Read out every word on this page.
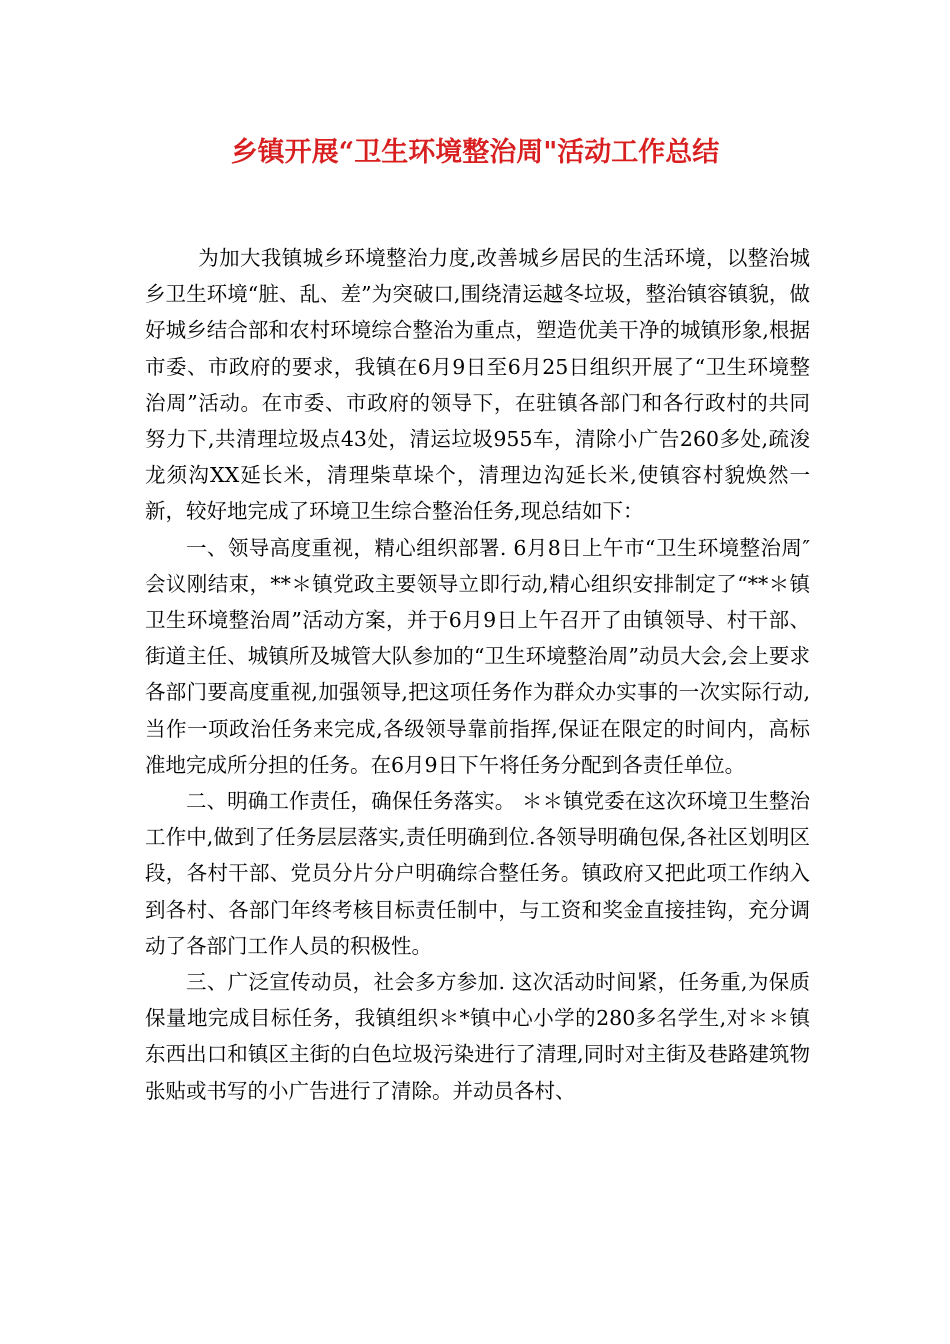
乡镇开展“卫生环境整治周"活动工作总结

为加大我镇城乡环境整治力度,改善城乡居民的生活环境，以整治城乡卫生环境“脏、乱、差”为突破口,围绕清运越冬垃圾，整治镇容镇貌，做好城乡结合部和农村环境综合整治为重点，塑造优美干净的城镇形象,根据市委、市政府的要求，我镇在6月9日至6月25日组织开展了“卫生环境整治周”活动。在市委、市政府的领导下，在驻镇各部门和各行政村的共同努力下,共清理垃圾点43处，清运垃圾955车，清除小广告260多处,疏浚龙须沟XX延长米，清理柴草垛个，清理边沟延长米,使镇容村貌焕然一新，较好地完成了环境卫生综合整治任务,现总结如下：

一、领导高度重视，精心组织部署. 6月8日上午市“卫生环境整治周″会议刚结束，**＊镇党政主要领导立即行动,精心组织安排制定了“**＊镇卫生环境整治周”活动方案，并于6月9日上午召开了由镇领导、村干部、街道主任、城镇所及城管大队参加的“卫生环境整治周”动员大会,会上要求各部门要高度重视,加强领导,把这项任务作为群众办实事的一次实际行动,当作一项政治任务来完成,各级领导靠前指挥,保证在限定的时间内，高标准地完成所分担的任务。在6月9日下午将任务分配到各责任单位。

二、明确工作责任，确保任务落实。 ＊＊镇党委在这次环境卫生整治工作中,做到了任务层层落实,责任明确到位.各领导明确包保,各社区划明区段，各村干部、党员分片分户明确综合整任务。镇政府又把此项工作纳入到各村、各部门年终考核目标责任制中，与工资和奖金直接挂钩，充分调动了各部门工作人员的积极性。

三、广泛宣传动员，社会多方参加. 这次活动时间紧，任务重,为保质保量地完成目标任务，我镇组织＊*镇中心小学的280多名学生,对＊＊镇东西出口和镇区主街的白色垃圾污染进行了清理,同时对主街及巷路建筑物张贴或书写的小广告进行了清除。并动员各村、
